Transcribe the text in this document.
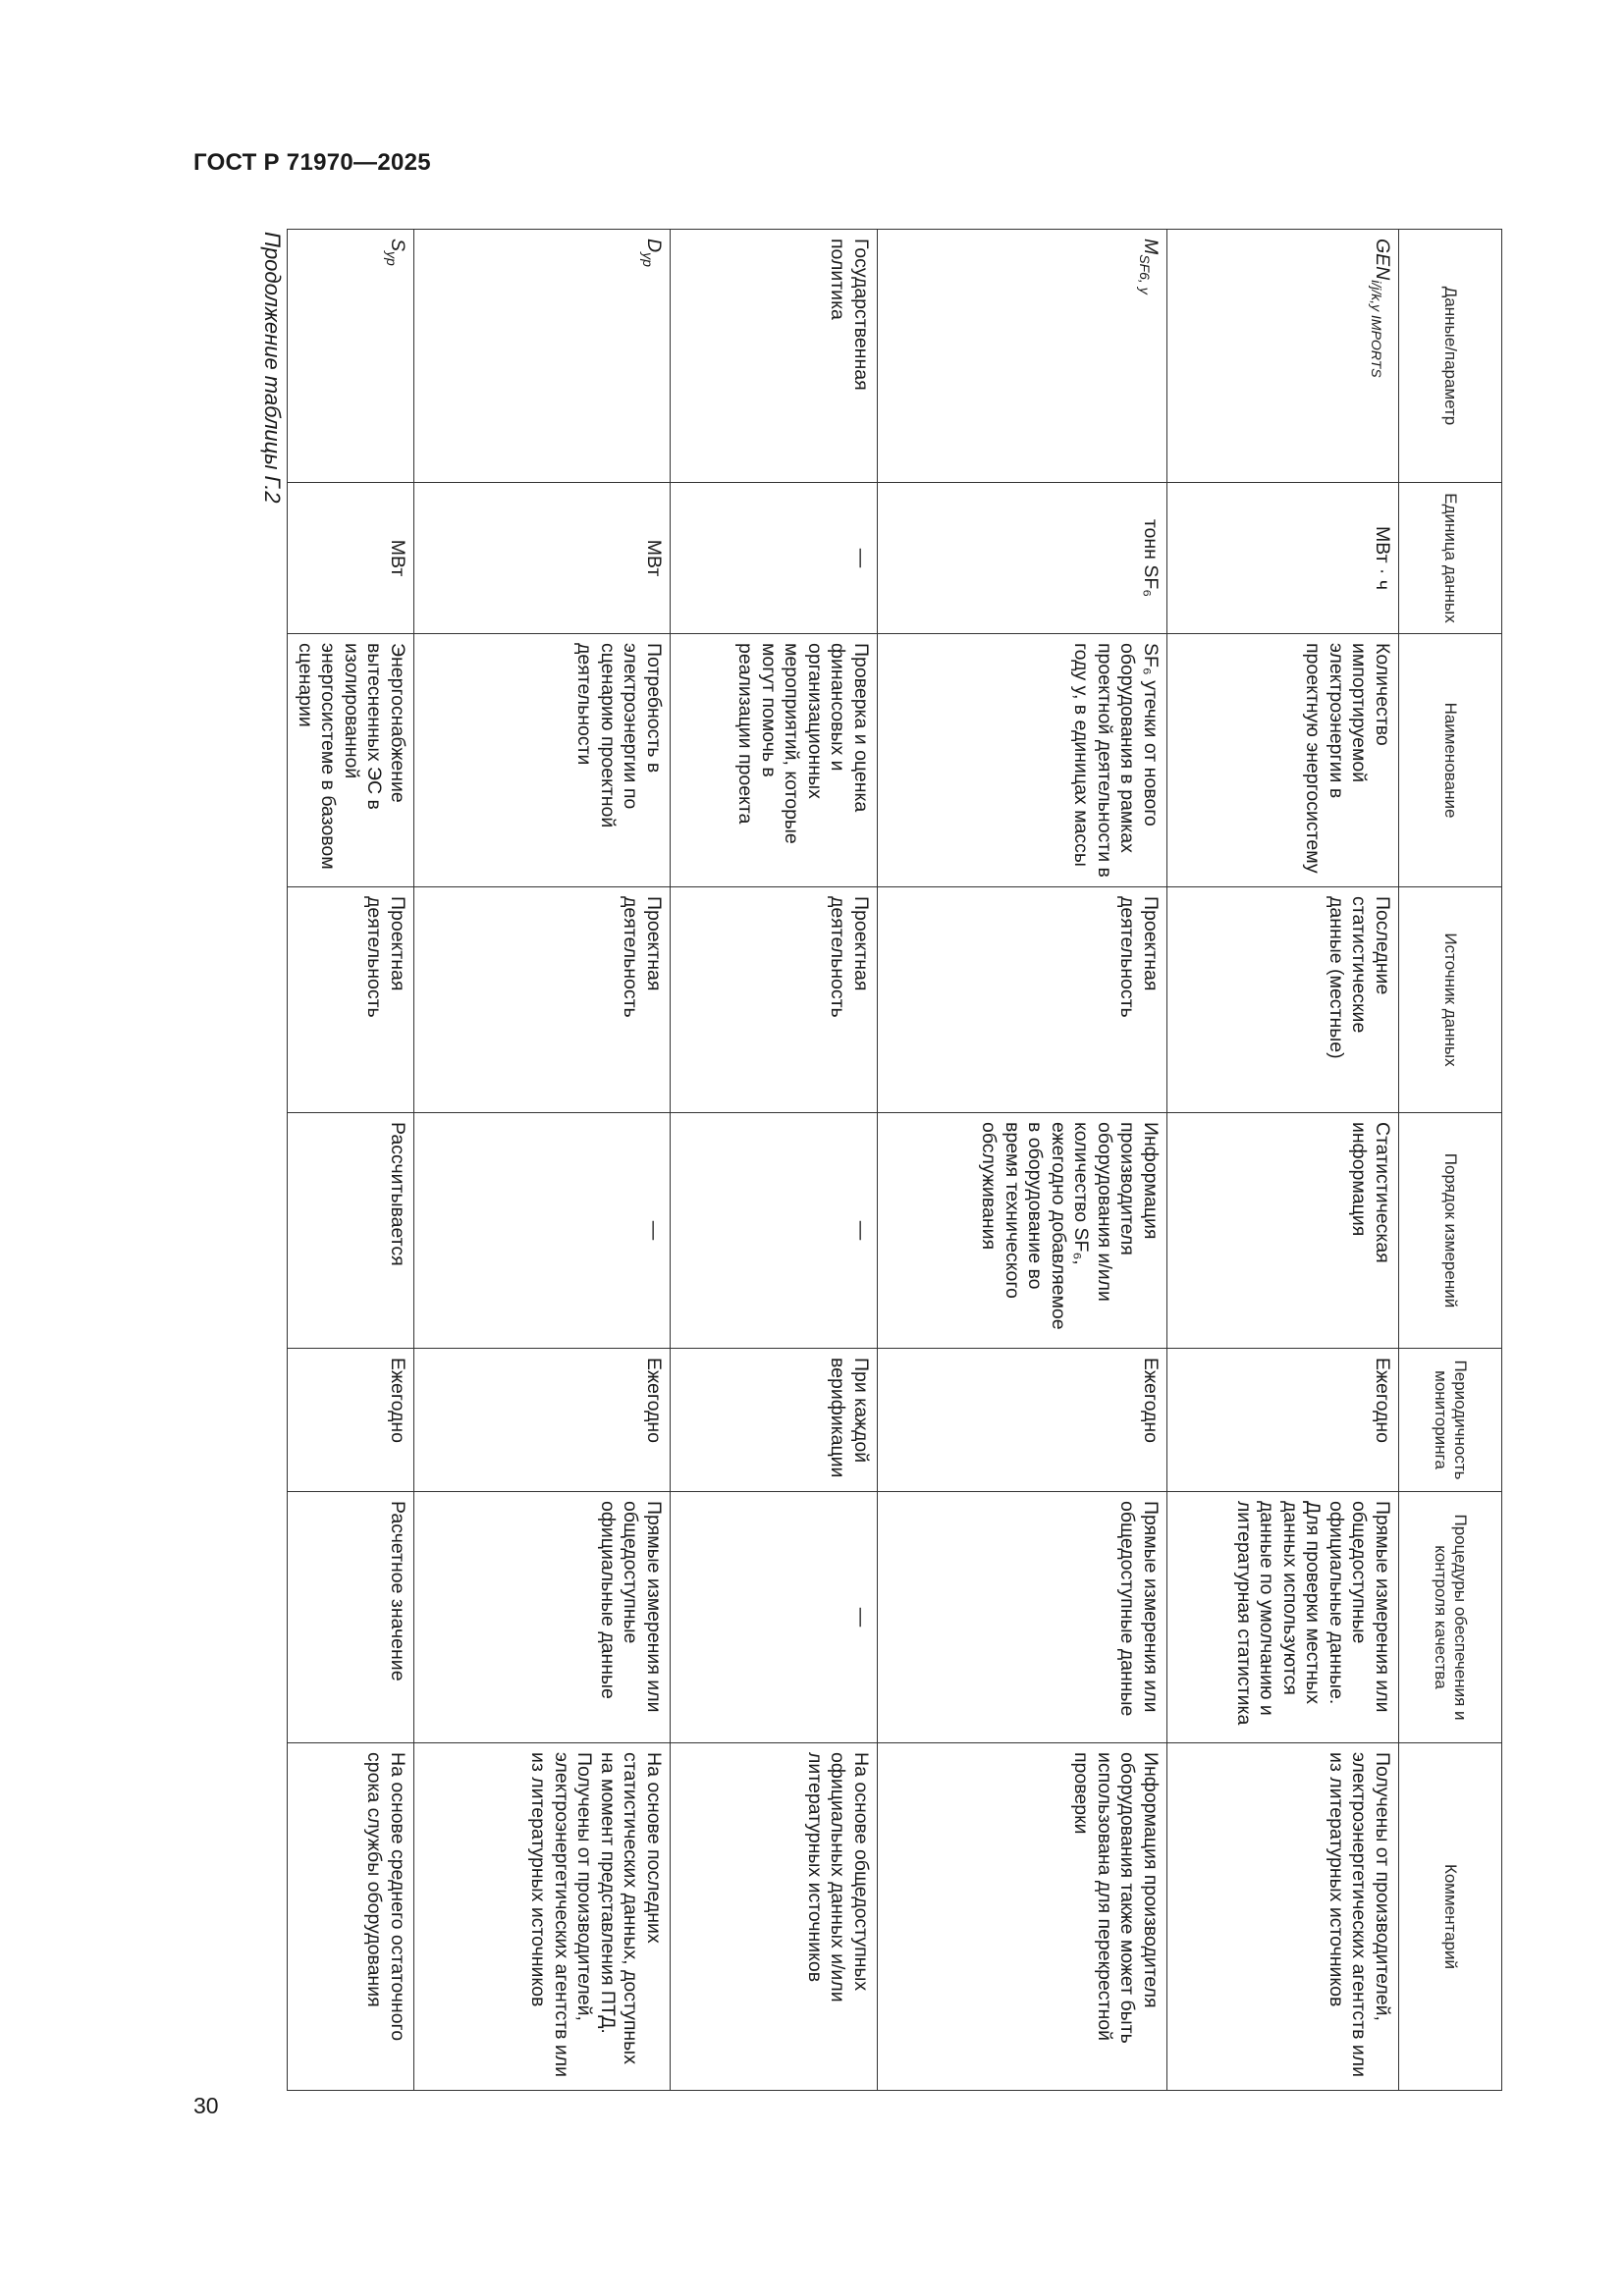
ГОСТ Р 71970—2025
Данные/параметр	Единица данных	Наименование	Источник данных	Порядок измерений	Периодичность мониторинга	Процедуры обеспечения и контроля качества	Комментарий
$GEN_{i/j/k,y IMPORTS}$	МВт · ч	Количество импортируемой электроэнергии в проектную энергосистему	Последние статистические данные (местные)	Статистическая информация	Ежегодно	Прямые измерения или общедоступные официальные данные. Для проверки местных данных используются данные по умолчанию и литературная статистика	Получены от производителей, электроэнергетических агентств или из литературных источников
$M_{SF6, y}$	тонн SF₆	SF₆ утечки от нового оборудования в рамках проектной деятельности в году y, в единицах массы	Проектная деятельность	Информация производителя оборудования и/или количество SF₆, ежегодно добавляемое в оборудование во время технического обслуживания	Ежегодно	Прямые измерения или общедоступные данные	Информация производителя оборудования также может быть использована для перекрестной проверки
Государственная политика	—	Проверка и оценка финансовых и организационных мероприятий, которые могут помочь в реализации проекта	Проектная деятельность	—	При каждой верификации	—	На основе общедоступных официальных данных и/или литературных источников
$D_{yp}$	МВт	Потребность в электроэнергии по сценарию проектной деятельности	Проектная деятельность	—	Ежегодно	Прямые измерения или общедоступные официальные данные	На основе последних статистических данных, доступных на момент представления ПТД. Получены от производителей, электроэнергетических агентств или из литературных источников
$S_{yp}$	МВт	Энергоснабжение вытесненных ЭС в изолированной энергосистеме в базовом сценарии	Проектная деятельность	Рассчитывается	Ежегодно	Расчетное значение	На основе среднего остаточного срока службы оборудования
Продолжение таблицы Г.2
30
